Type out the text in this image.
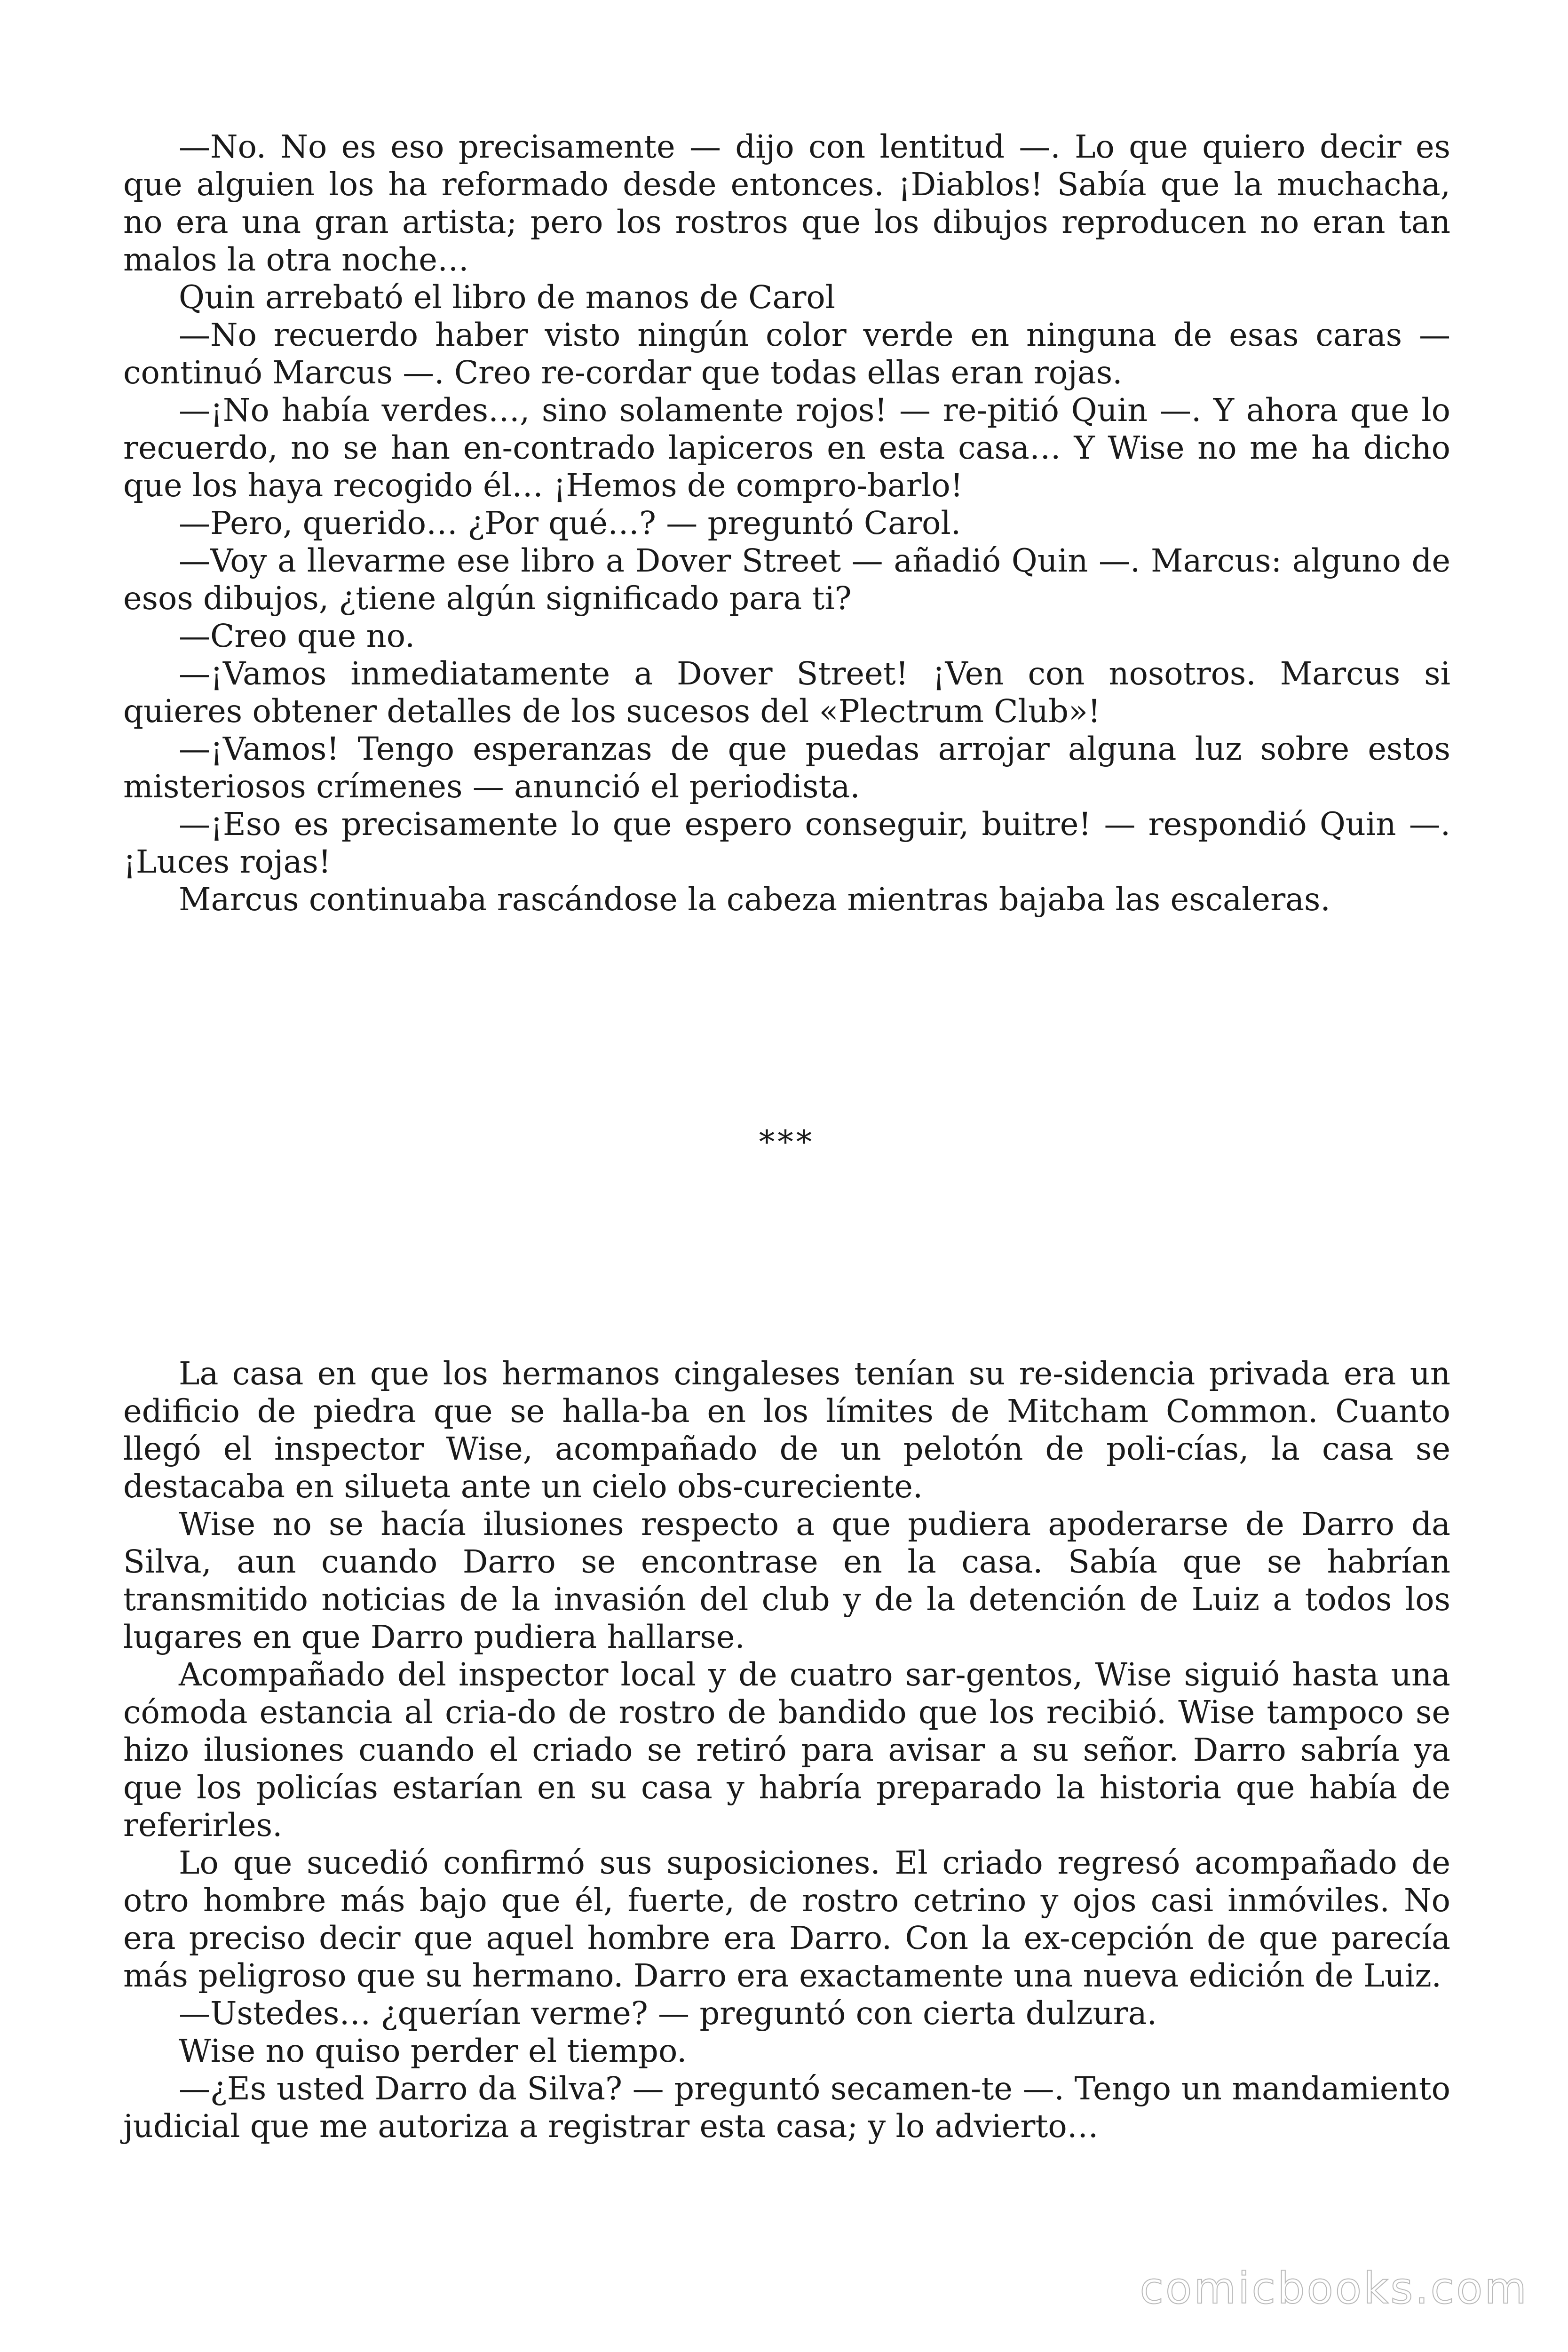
—No. No es eso precisamente — dijo con lentitud —. Lo que quiero decir es que alguien los ha reformado desde entonces. ¡Diablos! Sabía que la muchacha, no era una gran artista; pero los rostros que los dibujos reproducen no eran tan malos la otra noche…

Quin arrebató el libro de manos de Carol

—No recuerdo haber visto ningún color verde en ninguna de esas caras — continuó Marcus —. Creo re-cordar que todas ellas eran rojas.

—¡No había verdes…, sino solamente rojos! — re-pitió Quin —. Y ahora que lo recuerdo, no se han en-contrado lapiceros en esta casa… Y Wise no me ha dicho que los haya recogido él… ¡Hemos de compro-barlo!

—Pero, querido… ¿Por qué…? — preguntó Carol.

—Voy a llevarme ese libro a Dover Street — añadió Quin —. Marcus: alguno de esos dibujos, ¿tiene algún significado para ti?

—Creo que no.

—¡Vamos inmediatamente a Dover Street! ¡Ven con nosotros. Marcus si quieres obtener detalles de los sucesos del «Plectrum Club»!

—¡Vamos! Tengo esperanzas de que puedas arrojar alguna luz sobre estos misteriosos crímenes — anunció el periodista.

—¡Eso es precisamente lo que espero conseguir, buitre! — respondió Quin —. ¡Luces rojas!

Marcus continuaba rascándose la cabeza mientras bajaba las escaleras.

***

La casa en que los hermanos cingaleses tenían su re-sidencia privada era un edificio de piedra que se halla-ba en los límites de Mitcham Common. Cuanto llegó el inspector Wise, acompañado de un pelotón de poli-cías, la casa se destacaba en silueta ante un cielo obs-cureciente.

Wise no se hacía ilusiones respecto a que pudiera apoderarse de Darro da Silva, aun cuando Darro se encontrase en la casa. Sabía que se habrían transmitido noticias de la invasión del club y de la detención de Luiz a todos los lugares en que Darro pudiera hallarse.

Acompañado del inspector local y de cuatro sar-gentos, Wise siguió hasta una cómoda estancia al cria-do de rostro de bandido que los recibió. Wise tampoco se hizo ilusiones cuando el criado se retiró para avisar a su señor. Darro sabría ya que los policías estarían en su casa y habría preparado la historia que había de referirles.

Lo que sucedió confirmó sus suposiciones. El criado regresó acompañado de otro hombre más bajo que él, fuerte, de rostro cetrino y ojos casi inmóviles. No era preciso decir que aquel hombre era Darro. Con la ex-cepción de que parecía más peligroso que su hermano. Darro era exactamente una nueva edición de Luiz.

—Ustedes… ¿querían verme? — preguntó con cierta dulzura.

Wise no quiso perder el tiempo.

—¿Es usted Darro da Silva? — preguntó secamen-te —. Tengo un mandamiento judicial que me autoriza a registrar esta casa; y lo advierto…

comicbooks.com
